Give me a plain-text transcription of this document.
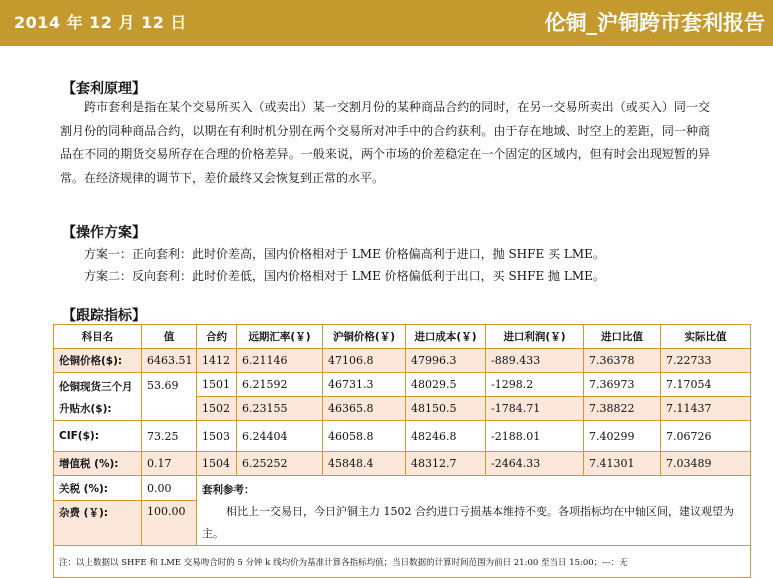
2014 年 12 月 12 日	伦铜_沪铜跨市套利报告
【套利原理】
跨市套利是指在某个交易所买入（或卖出）某一交割月份的某种商品合约的同时，在另一交易所卖出（或买入）同一交割月份的同种商品合约，以期在有利时机分别在两个交易所对冲手中的合约获利。由于存在地域、时空上的差距，同一种商品在不同的期货交易所存在合理的价格差异。一般来说，两个市场的价差稳定在一个固定的区域内，但有时会出现短暂的异常。在经济规律的调节下，差价最终又会恢复到正常的水平。
【操作方案】
方案一：正向套利：此时价差高，国内价格相对于 LME 价格偏高利于进口，抛 SHFE 买 LME。
方案二：反向套利：此时价差低，国内价格相对于 LME 价格偏低利于出口，买 SHFE 抛 LME。
【跟踪指标】
科目名	值	合约	远期汇率(￥)	沪铜价格(￥)	进口成本(￥)	进口利润(￥)	进口比值	实际比值
伦铜价格($):	6463.51	1412	6.21146	47106.8	47996.3	-889.433	7.36378	7.22733
伦铜现货三个月升贴水($):	53.69	1501	6.21592	46731.3	48029.5	-1298.2	7.36973	7.17054
		1502	6.23155	46365.8	48150.5	-1784.71	7.38822	7.11437
CIF($):	73.25	1503	6.24404	46058.8	48246.8	-2188.01	7.40299	7.06726
增值税 (%):	0.17	1504	6.25252	45848.4	48312.7	-2464.33	7.41301	7.03489
关税 (%):	0.00	套利参考：
相比上一交易日，今日沪铜主力 1502 合约进口亏损基本维持不变。各项指标均在中轴区间，建议观望为主。						

杂费 (￥):	100.00							
注：以上数据以 SHFE 和 LME 交易吻合时的 5 分钟 k 线均价为基准计算各指标均值；当日数据的计算时间范围为前日 21:00 至当日 15:00；---：无								
